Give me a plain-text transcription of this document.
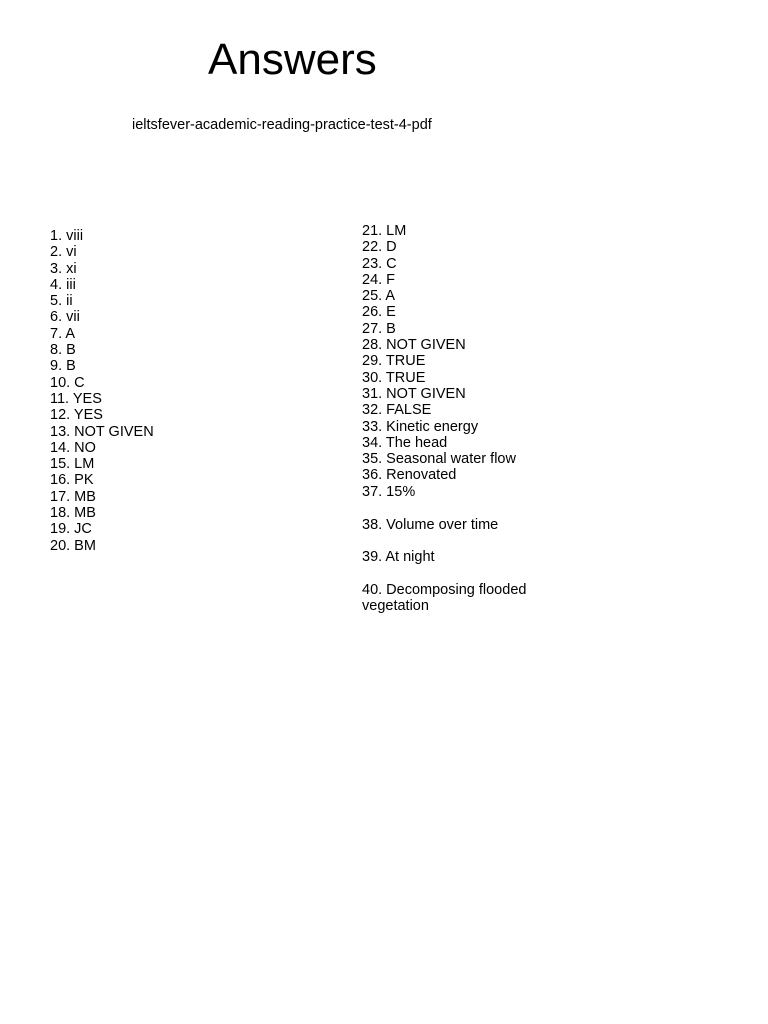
Answers
ieltsfever-academic-reading-practice-test-4-pdf
1. viii
2. vi
3. xi
4. iii
5. ii
6. vii
7. A
8. B
9. B
10. C
11. YES
12. YES
13. NOT GIVEN
14. NO
15. LM
16. PK
17. MB
18. MB
19. JC
20. BM
21. LM
22. D
23. C
24. F
25. A
26. E
27. B
28. NOT GIVEN
29. TRUE
30. TRUE
31. NOT GIVEN
32. FALSE
33. Kinetic energy
34. The head
35. Seasonal water flow
36. Renovated
37. 15%
38. Volume over time
39. At night
40. Decomposing flooded vegetation
